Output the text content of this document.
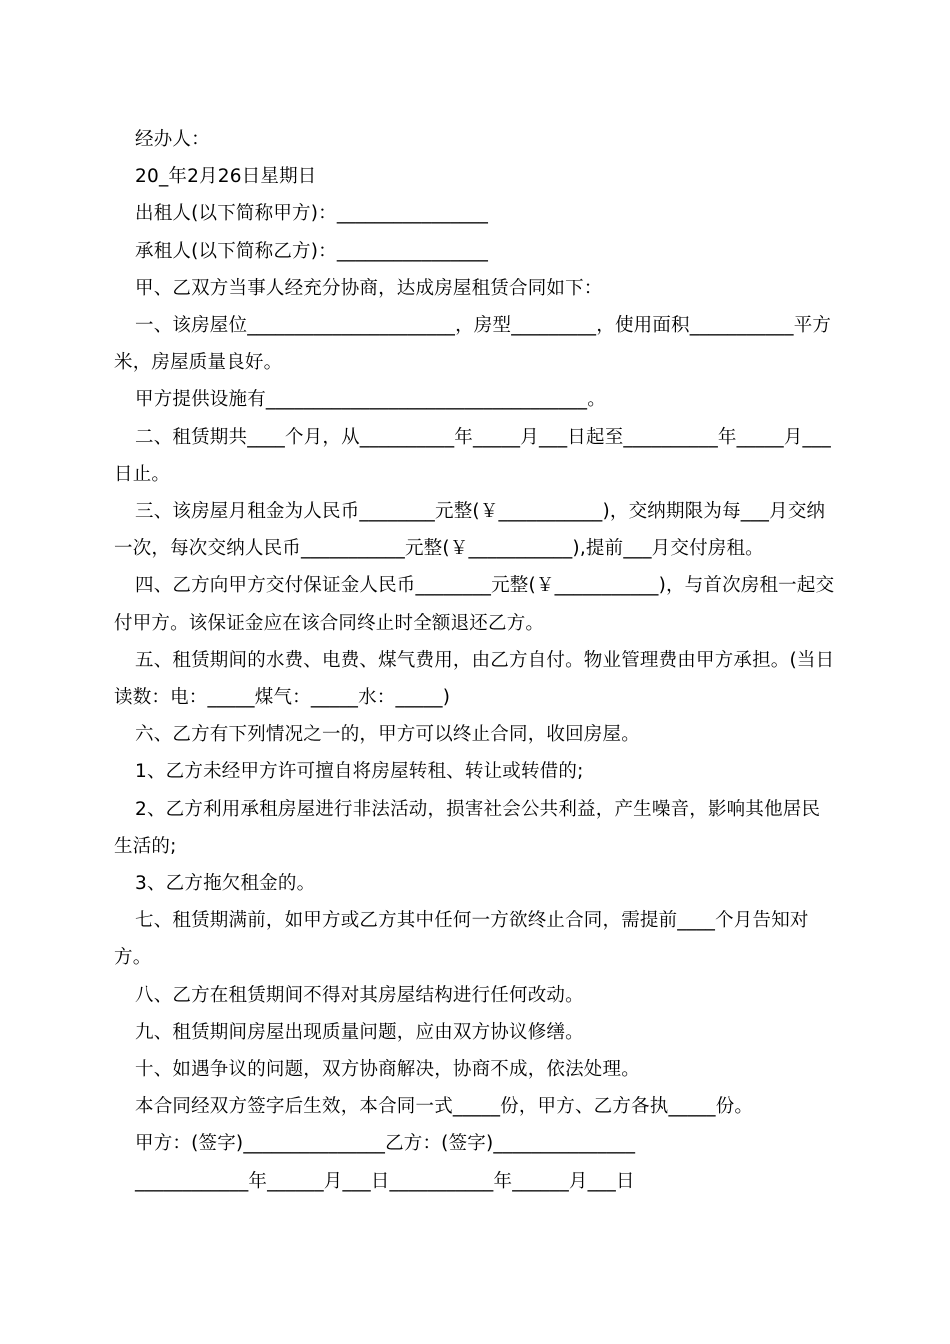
经办人：

20_年2月26日星期日

出租人(以下简称甲方)：________________

承租人(以下简称乙方)：________________

甲、乙双方当事人经充分协商，达成房屋租赁合同如下：

一、该房屋位______________________，房型_________，使用面积___________平方米，房屋质量良好。

甲方提供设施有__________________________________。

二、租赁期共____个月，从__________年_____月___日起至__________年_____月___日止。

三、该房屋月租金为人民币________元整(￥___________)，交纳期限为每___月交纳一次，每次交纳人民币___________元整(￥___________),提前___月交付房租。

四、乙方向甲方交付保证金人民币________元整(￥___________)，与首次房租一起交付甲方。该保证金应在该合同终止时全额退还乙方。

五、租赁期间的水费、电费、煤气费用，由乙方自付。物业管理费由甲方承担。(当日读数：电：_____煤气：_____水：_____)

六、乙方有下列情况之一的，甲方可以终止合同，收回房屋。

1、乙方未经甲方许可擅自将房屋转租、转让或转借的;

2、乙方利用承租房屋进行非法活动，损害社会公共利益，产生噪音，影响其他居民生活的;

3、乙方拖欠租金的。

七、租赁期满前，如甲方或乙方其中任何一方欲终止合同，需提前____个月告知对方。

八、乙方在租赁期间不得对其房屋结构进行任何改动。

九、租赁期间房屋出现质量问题，应由双方协议修缮。

十、如遇争议的问题，双方协商解决，协商不成，依法处理。

本合同经双方签字后生效，本合同一式_____份，甲方、乙方各执_____份。

甲方：(签字)_______________乙方：(签字)_______________

____________年______月___日___________年______月___日
